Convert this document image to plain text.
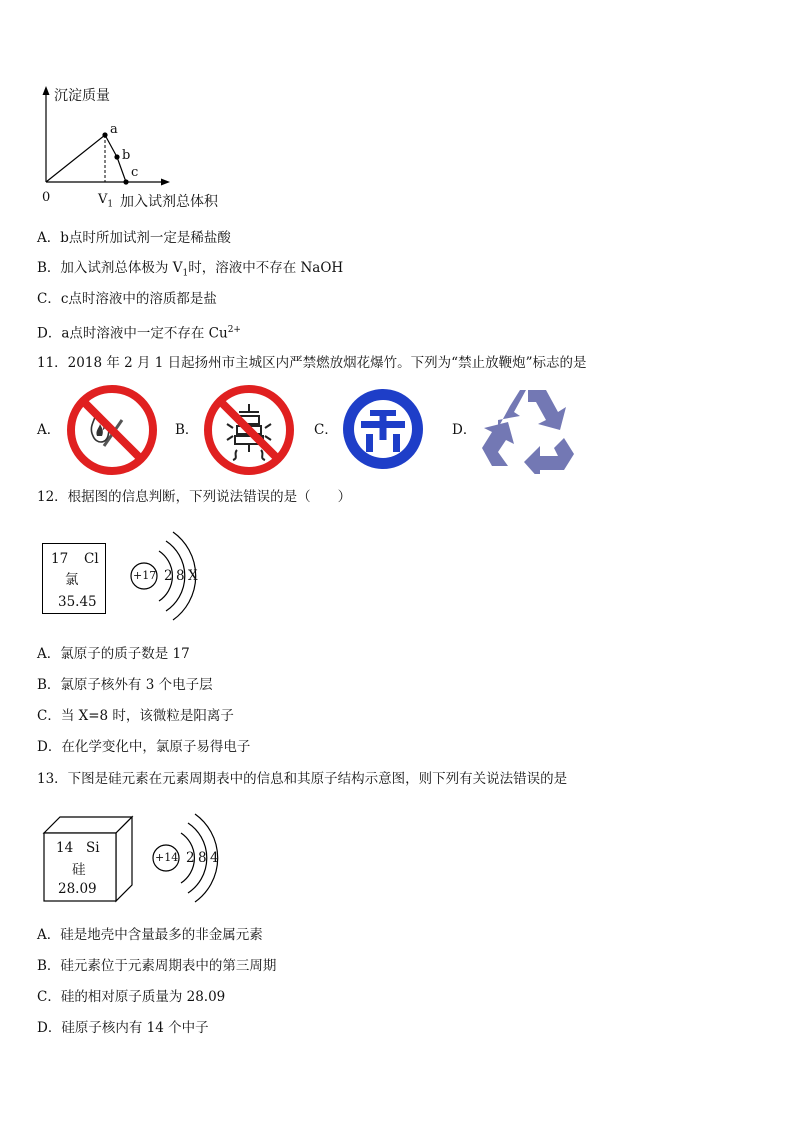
沉淀质量
a
b
c
0	$V_1$ 加入试剂总体积
A．b点时所加试剂一定是稀盐酸
B．加入试剂总体极为 $V_1$时，溶液中不存在 NaOH
C．c点时溶液中的溶质都是盐
D．a点时溶液中一定不存在 $Cu^{2+}$
11．2018 年 2 月 1 日起扬州市主城区内严禁燃放烟花爆竹。下列为“禁止放鞭炮”标志的是
A．	B．	C．	D．
12．根据图的信息判断，下列说法错误的是（　　）
17 Cl
氯
35.45
+17 2 8 X
A．氯原子的质子数是 17
B．氯原子核外有 3 个电子层
C．当 X=8 时，该微粒是阳离子
D．在化学变化中，氯原子易得电子
13．下图是硅元素在元素周期表中的信息和其原子结构示意图，则下列有关说法错误的是
14 Si
硅
28.09
+14 2 8 4
A．硅是地壳中含量最多的非金属元素
B．硅元素位于元素周期表中的第三周期
C．硅的相对原子质量为 28.09
D．硅原子核内有 14 个中子
